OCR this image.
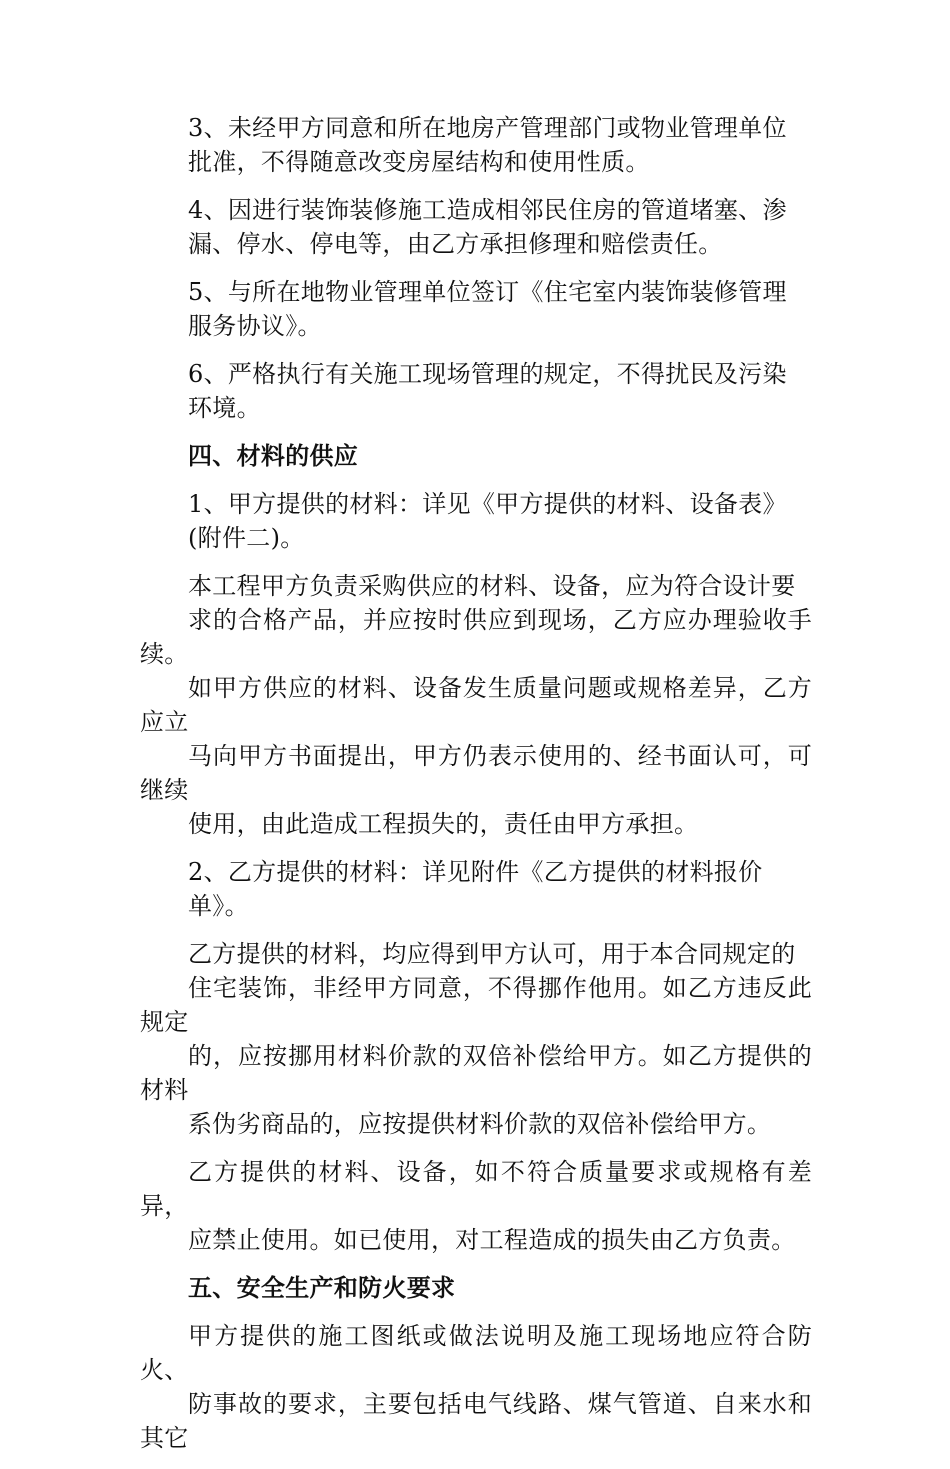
3、未经甲方同意和所在地房产管理部门或物业管理单位
批准，不得随意改变房屋结构和使用性质。

4、因进行装饰装修施工造成相邻民住房的管道堵塞、渗
漏、停水、停电等，由乙方承担修理和赔偿责任。

5、与所在地物业管理单位签订《住宅室内装饰装修管理
服务协议》。

6、严格执行有关施工现场管理的规定，不得扰民及污染
环境。

四、材料的供应

1、甲方提供的材料：详见《甲方提供的材料、设备表》
(附件二)。

本工程甲方负责采购供应的材料、设备，应为符合设计要
求的合格产品，并应按时供应到现场，乙方应办理验收手续。
如甲方供应的材料、设备发生质量问题或规格差异，乙方应立
马向甲方书面提出，甲方仍表示使用的、经书面认可，可继续
使用，由此造成工程损失的，责任由甲方承担。

2、乙方提供的材料：详见附件《乙方提供的材料报价
单》。

乙方提供的材料，均应得到甲方认可，用于本合同规定的
住宅装饰，非经甲方同意，不得挪作他用。如乙方违反此规定
的，应按挪用材料价款的双倍补偿给甲方。如乙方提供的材料
系伪劣商品的，应按提供材料价款的双倍补偿给甲方。

乙方提供的材料、设备，如不符合质量要求或规格有差异，
应禁止使用。如已使用，对工程造成的损失由乙方负责。

五、安全生产和防火要求

甲方提供的施工图纸或做法说明及施工现场地应符合防火、
防事故的要求，主要包括电气线路、煤气管道、自来水和其它
